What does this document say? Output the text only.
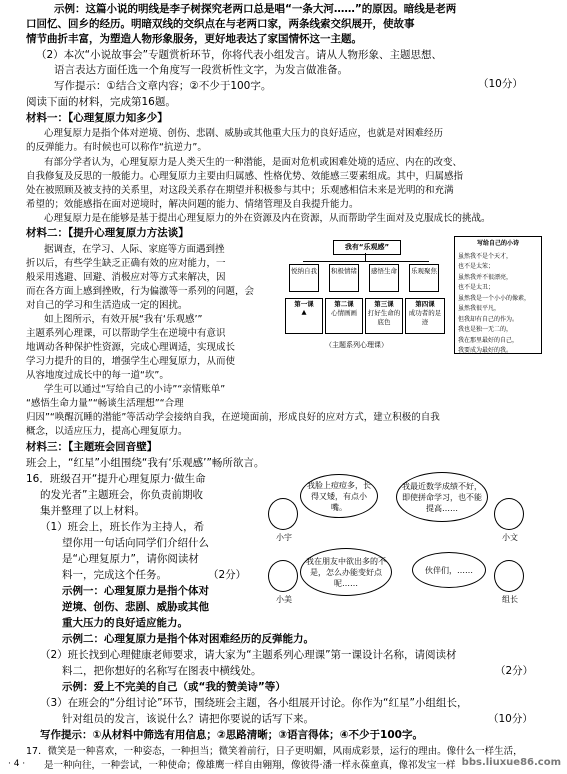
示例：这篇小说的明线是李子树探究老两口总是唱“一条大河……”的原因。暗线是老两
口回忆、回乡的经历。明暗双线的交织点在与老两口家，两条线索交织展开，使故事
情节曲折丰富，为塑造人物形象服务，更好地表达了家国情怀这一主题。
（2）本次“小说故事会”专题赏析环节，你将代表小组发言。请从人物形象、主题思想、
语言表达方面任选一个角度写一段赏析性文字，为发言做准备。
（10分）
写作提示：①结合文章内容；②不少于100字。
阅读下面的材料，完成第16题。
材料一：【心理复原力知多少】
心理复原力是指个体对逆境、创伤、悲剧、威胁或其他重大压力的良好适应，也就是对困难经历
的反弹能力。有时候也可以称作“抗逆力”。
有部分学者认为，心理复原力是人类天生的一种潜能，是面对危机或困难处境的适应、内在的改变、
自我修复及反思的一般能力。心理复原力主要由归属感、性格优势、效能感三要素组成。其中，归属感指
处在被照顾及被支持的关系里，对这段关系存在期望并积极参与其中；乐观感相信未来是光明的和充满
希望的；效能感指在面对逆境时，解决问题的能力、情绪管理及自我提升能力。
心理复原力是在能够是基于提出心理复原力的外在资源及内在资源，从而帮助学生面对及克服成长的挑战。
材料二：【提升心理复原力方法谈】
据调查，在学习、人际、家庭等方面遇到挫
折以后，有些学生缺乏正确有效的应对能力，一
般采用逃避、回避、消极应对等方式来解决，因
而在各方面上感到挫败，行为偏激等一系列的问题，会
对自己的学习和生活造成一定的困扰。
如上图所示，有效开展“我有‘乐观感’”
主题系列心理课，可以帮助学生在逆境中有意识
地调动各种保护性资源，完成心理调适，实现成长
学习力提升的目的，增强学生心理复原力，从而使
从容地度过成长中的每一道“坎”。
学生可以通过“写给自己的小诗”“亲情账单”
“感悟生命力量”“畅谈生活理想”“合理
归因”“唤醒沉睡的潜能”等活动学会接纳自我，在逆境面前，形成良好的应对方式，建立积极的自我
概念，以适应压力，提高心理复原力。
我有“乐观感”
悦纳自我	积极情绪	感悟生命	乐观聚焦
第一课
▲
第二课
心情画画
第三课
打好生命的底色
第四课
成功者的足迹
（主题系列心理课）
写给自己的小诗
虽然我不是个天才，
也不是太笨；
虽然我并不很漂亮，
也不是太丑；
虽然我是一个小小的像素，
虽然我很平凡，
但我却有自己的作为。
我也是独一无二的，
我在那里最好的自己，
我要成为最好的我。
材料三：【主题班会回音壁】
班会上，“红星”小组围绕“我有‘乐观感’”畅所欲言。
16．班级召开“提升心理复原力·做生命
的发光者”主题班会，你负责前期收
集并整理了以上材料。
（1）班会上，班长作为主持人，希
望你用一句话向同学们介绍什么
是“心理复原力”，请你阅读材
料一，完成这个任务。	（2分）
示例一：心理复原力是指个体对
逆境、创伤、悲剧、威胁或其他
重大压力的良好适应能力。
小宇
我脸上痘痘多，长得又矮，有点小嘴。
小文
我最近数学成绩不好，即使拼命学习，也不能提高……
小美
我在朋友中欲出多的不是，怎么办能变好点呢……
组长
伙伴们，……
示例二：心理复原力是指个体对困难经历的反弹能力。
（2）班长找到心理健康老师要求，请大家为“主题系列心理课”第一课设计名称，请阅读材
料二，把你想好的名称写在图表中横线处。	（2分）
示例：爱上不完美的自己（或“我的赞美诗”等）
（3）在班会的“分组讨论”环节，围绕班会主题，各小组展开讨论。你作为“红星”小组组长，
针对组员的发言，该说什么？请把你要说的话写下来。	（10分）
写作提示：①从材料中筛选有用信息；②思路清晰；③语言得体；④不少于100字。
17．微笑是一种喜欢，一种姿态，一种担当；微笑着前行，日子更明媚，风雨成彩景，运行的理由。像什么一样生活，
是一种向往，一种尝试，一种使命；像雄鹰一样自由翱翔，像彼得·潘一样永葆童真，像祁发宝一样
· 4 ·	bbs.liuxue86.com
